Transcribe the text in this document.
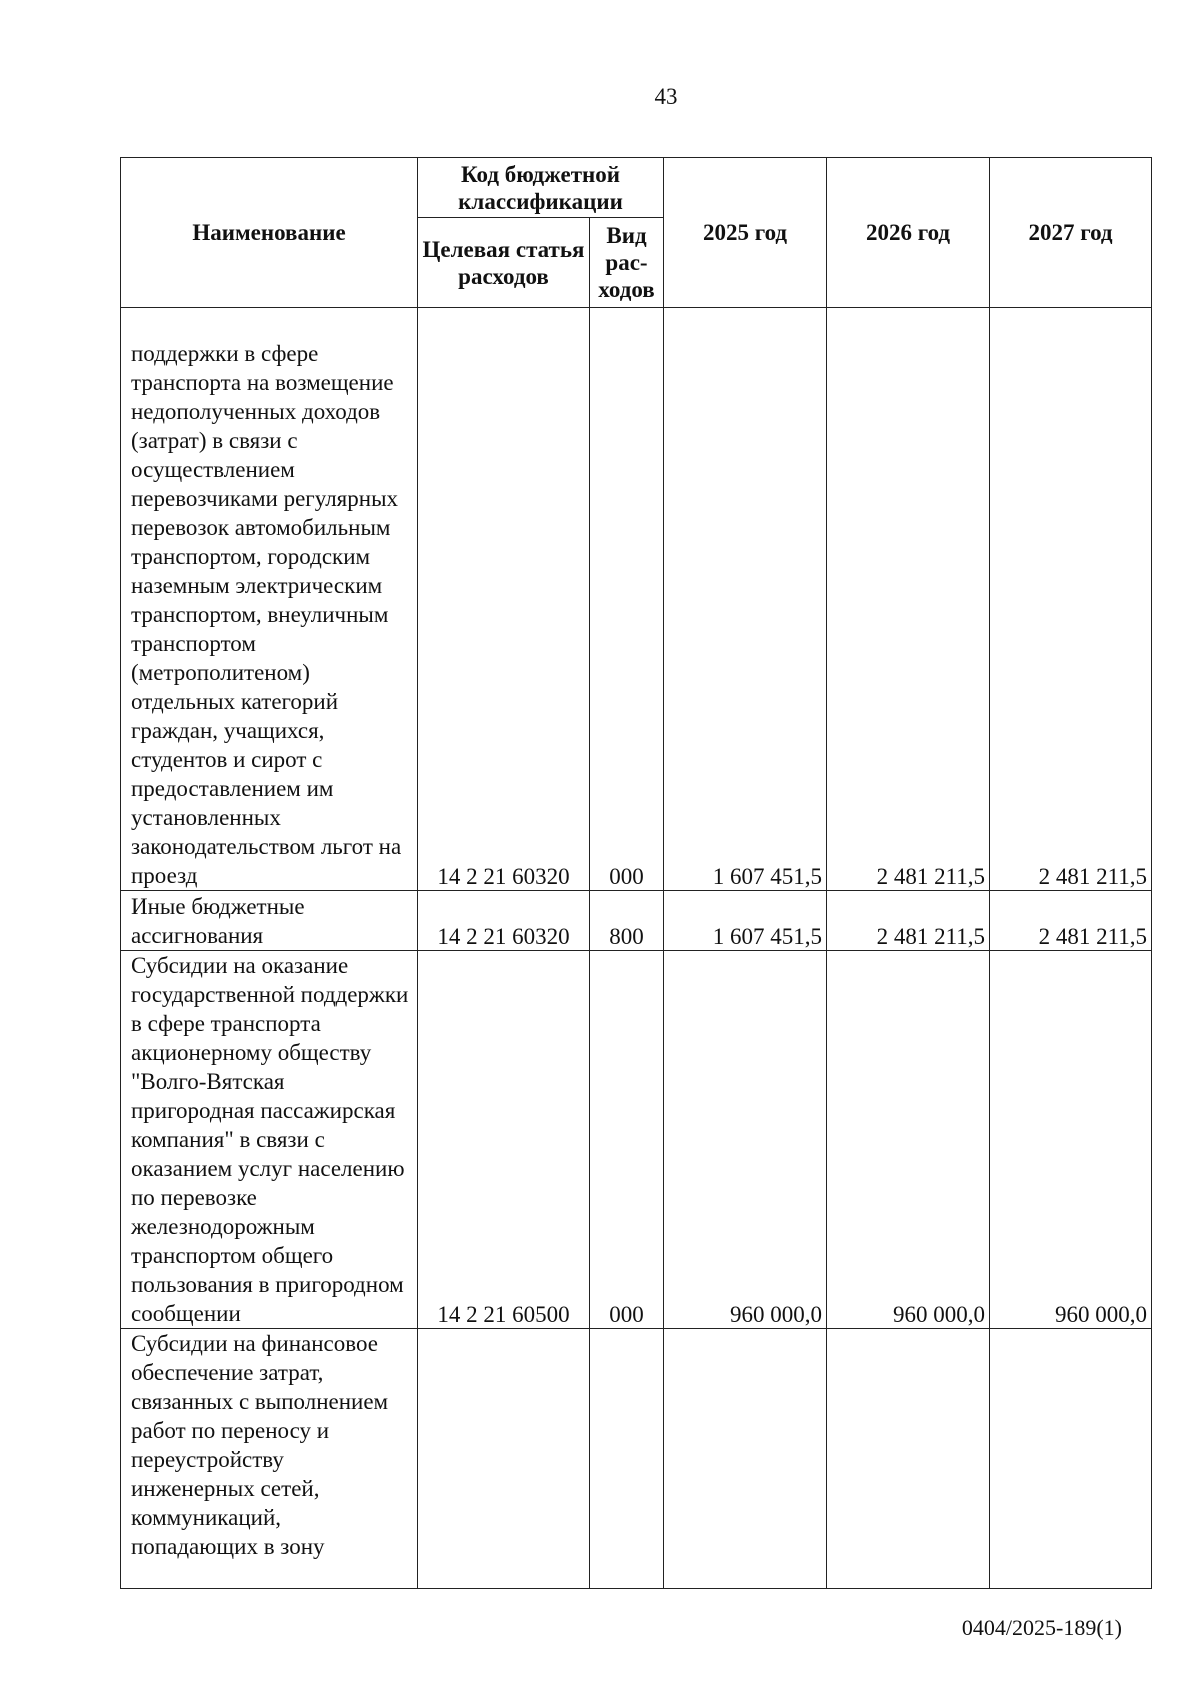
43
Наименование	Код бюджетной классификации		2025 год	2026 год	2027 год
	Целевая статья расходов	Вид рас-ходов			
поддержки в сфере транспорта на возмещение недополученных доходов (затрат) в связи с осуществлением перевозчиками регулярных перевозок автомобильным транспортом, городским наземным электрическим транспортом, внеуличным транспортом (метрополитеном) отдельных категорий граждан, учащихся, студентов и сирот с предоставлением им установленных законодательством льгот на проезд	14 2 21 60320	000	1 607 451,5	2 481 211,5	2 481 211,5
Иные бюджетные ассигнования	14 2 21 60320	800	1 607 451,5	2 481 211,5	2 481 211,5
Субсидии на оказание государственной поддержки в сфере транспорта акционерному обществу "Волго-Вятская пригородная пассажирская компания" в связи с оказанием услуг населению по перевозке железнодорожным транспортом общего пользования в пригородном сообщении	14 2 21 60500	000	960 000,0	960 000,0	960 000,0
Субсидии на финансовое обеспечение затрат, связанных с выполнением работ по переносу и переустройству инженерных сетей, коммуникаций, попадающих в зону					
0404/2025-189(1)
